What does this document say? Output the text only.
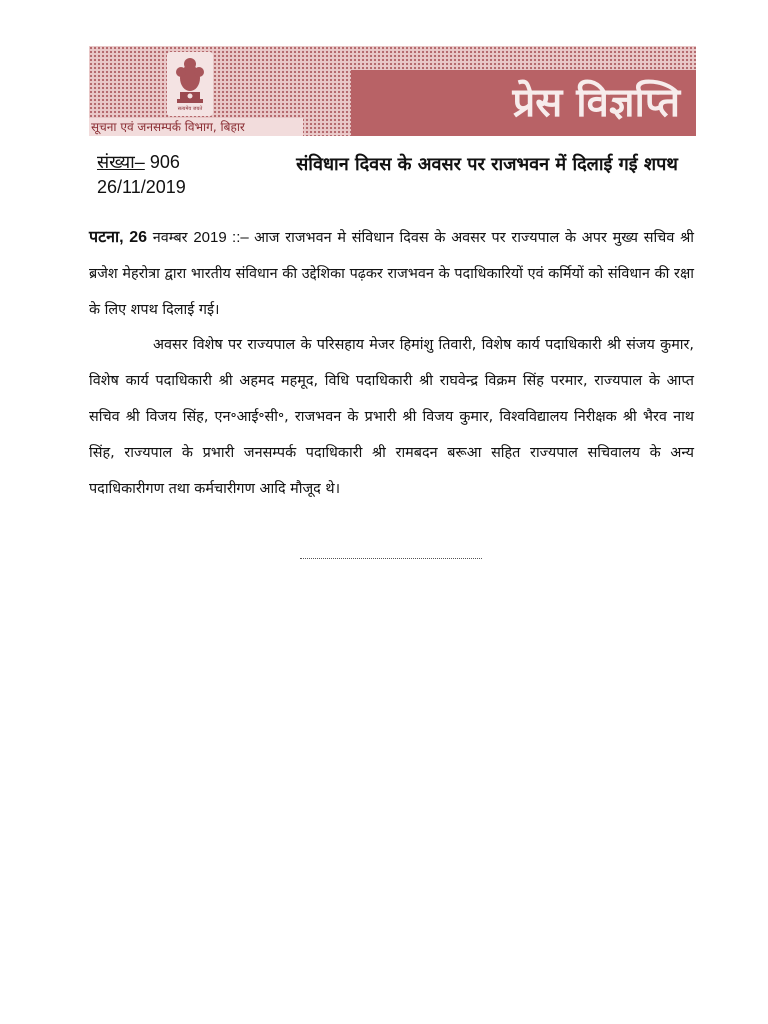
सत्यमेव जयते
सूचना एवं जनसम्पर्क विभाग, बिहार
प्रेस विज्ञप्ति
संख्या– 906
26/11/2019
संविधान दिवस के अवसर पर राजभवन में दिलाई गई शपथ

पटना, 26 नवम्बर 2019 ::– आज राजभवन मे संविधान दिवस के अवसर पर राज्यपाल के अपर मुख्य सचिव श्री ब्रजेश मेहरोत्रा द्वारा भारतीय संविधान की उद्देशिका पढ़कर राजभवन के पदाधिकारियों एवं कर्मियों को संविधान की रक्षा के लिए शपथ दिलाई गई।

अवसर विशेष पर राज्यपाल के परिसहाय मेजर हिमांशु तिवारी, विशेष कार्य पदाधिकारी श्री संजय कुमार, विशेष कार्य पदाधिकारी श्री अहमद महमूद, विधि पदाधिकारी श्री राघवेन्द्र विक्रम सिंह परमार, राज्यपाल के आप्त सचिव श्री विजय सिंह, एन॰आई॰सी॰, राजभवन के प्रभारी श्री विजय कुमार, विश्वविद्यालय निरीक्षक श्री भैरव नाथ सिंह, राज्यपाल के प्रभारी जनसम्पर्क पदाधिकारी श्री रामबदन बरूआ सहित राज्यपाल सचिवालय के अन्य पदाधिकारीगण तथा कर्मचारीगण आदि मौजूद थे।
